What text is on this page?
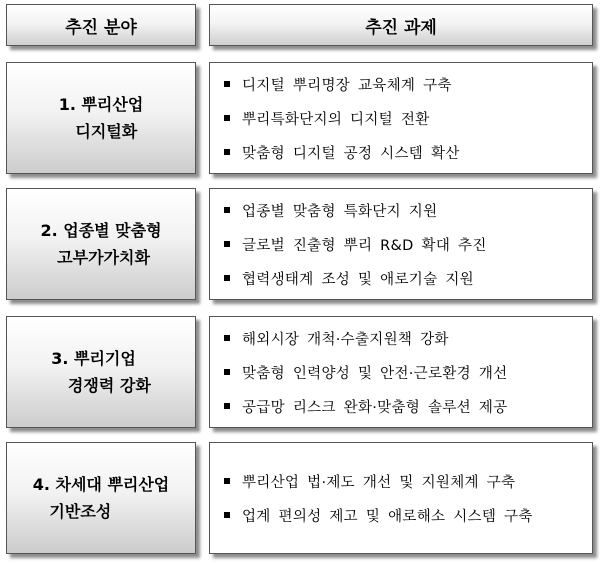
추진 분야	추진 과제
1. 뿌리산업
디지털화
디지털 뿌리명장 교육체계 구축
뿌리특화단지의 디지털 전환
맞춤형 디지털 공정 시스템 확산
2. 업종별 맞춤형
고부가가치화
업종별 맞춤형 특화단지 지원
글로벌 진출형 뿌리 R&D 확대 추진
협력생태계 조성 및 애로기술 지원
3. 뿌리기업
경쟁력 강화
해외시장 개척·수출지원책 강화
맞춤형 인력양성 및 안전·근로환경 개선
공급망 리스크 완화·맞춤형 솔루션 제공
4. 차세대 뿌리산업
기반조성
뿌리산업 법·제도 개선 및 지원체계 구축
업계 편의성 제고 및 애로해소 시스템 구축
